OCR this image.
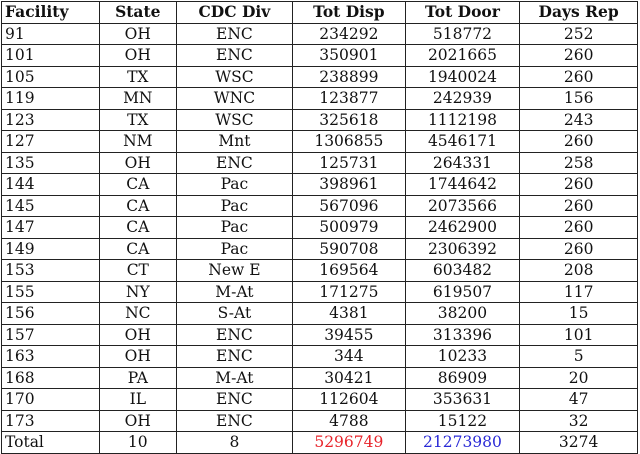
Facility	State	CDC Div	Tot Disp	Tot Door	Days Rep
91	OH	ENC	234292	518772	252
101	OH	ENC	350901	2021665	260
105	TX	WSC	238899	1940024	260
119	MN	WNC	123877	242939	156
123	TX	WSC	325618	1112198	243
127	NM	Mnt	1306855	4546171	260
135	OH	ENC	125731	264331	258
144	CA	Pac	398961	1744642	260
145	CA	Pac	567096	2073566	260
147	CA	Pac	500979	2462900	260
149	CA	Pac	590708	2306392	260
153	CT	New E	169564	603482	208
155	NY	M-At	171275	619507	117
156	NC	S-At	4381	38200	15
157	OH	ENC	39455	313396	101
163	OH	ENC	344	10233	5
168	PA	M-At	30421	86909	20
170	IL	ENC	112604	353631	47
173	OH	ENC	4788	15122	32
Total	10	8	5296749	21273980	3274
